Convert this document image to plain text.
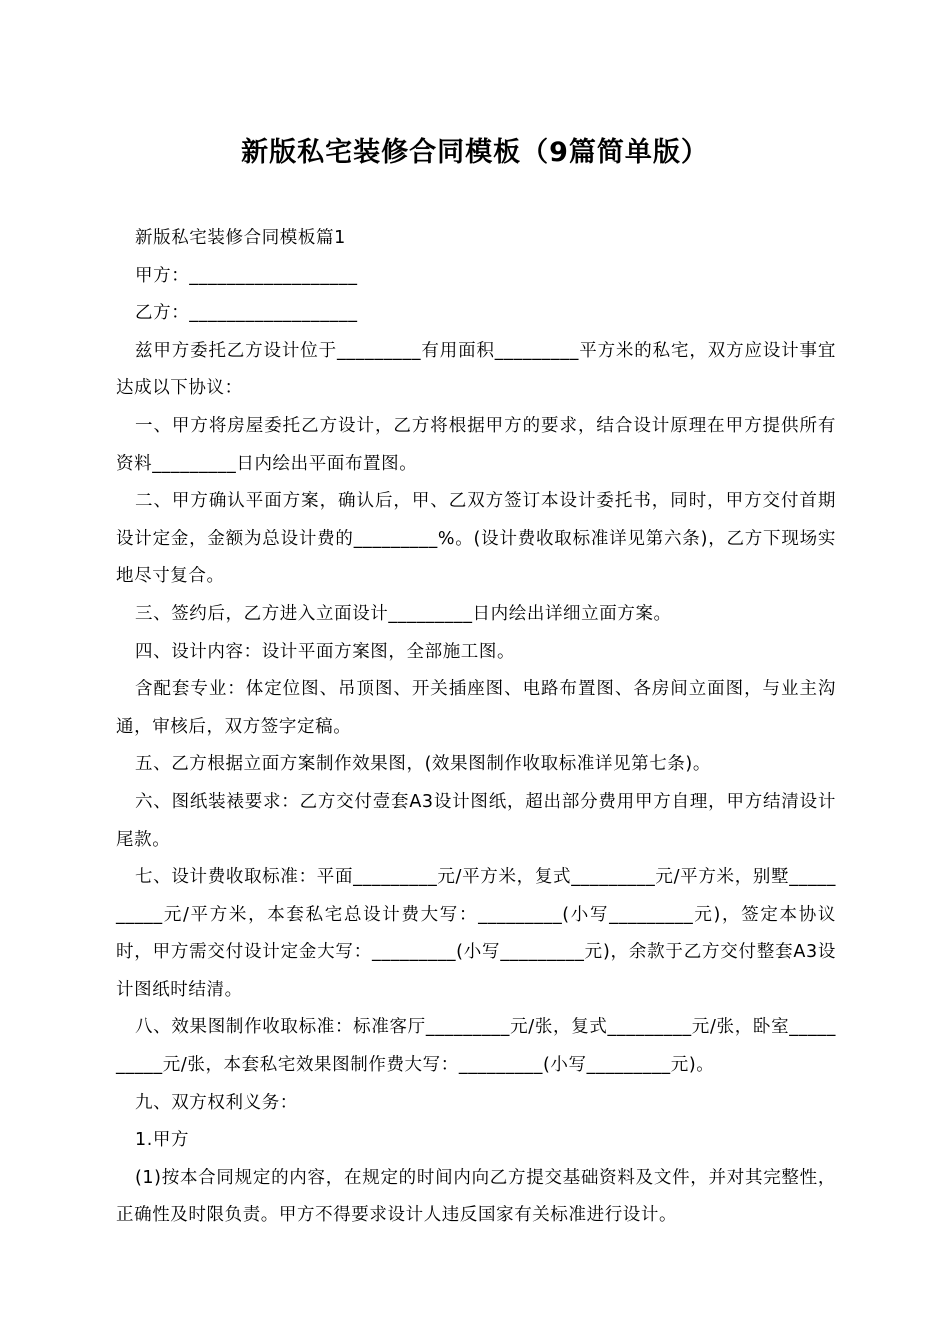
新版私宅装修合同模板（9篇简单版）

新版私宅装修合同模板篇1

甲方：__________________

乙方：__________________

兹甲方委托乙方设计位于_________有用面积_________平方米的私宅，双方应设计事宜达成以下协议：

一、甲方将房屋委托乙方设计，乙方将根据甲方的要求，结合设计原理在甲方提供所有资料_________日内绘出平面布置图。

二、甲方确认平面方案，确认后，甲、乙双方签订本设计委托书，同时，甲方交付首期设计定金，金额为总设计费的_________%。(设计费收取标准详见第六条)，乙方下现场实地尽寸复合。

三、签约后，乙方进入立面设计_________日内绘出详细立面方案。

四、设计内容：设计平面方案图，全部施工图。

含配套专业：体定位图、吊顶图、开关插座图、电路布置图、各房间立面图，与业主沟通，审核后，双方签字定稿。

五、乙方根据立面方案制作效果图，(效果图制作收取标准详见第七条)。

六、图纸装裱要求：乙方交付壹套A3设计图纸，超出部分费用甲方自理，甲方结清设计尾款。

七、设计费收取标准：平面_________元/平方米，复式_________元/平方米，别墅__________元/平方米，本套私宅总设计费大写：_________(小写_________元)，签定本协议时，甲方需交付设计定金大写：_________(小写_________元)，余款于乙方交付整套A3设计图纸时结清。

八、效果图制作收取标准：标准客厅_________元/张，复式_________元/张，卧室__________元/张，本套私宅效果图制作费大写：_________(小写_________元)。

九、双方权利义务：

1.甲方

(1)按本合同规定的内容，在规定的时间内向乙方提交基础资料及文件，并对其完整性，正确性及时限负责。甲方不得要求设计人违反国家有关标准进行设计。
